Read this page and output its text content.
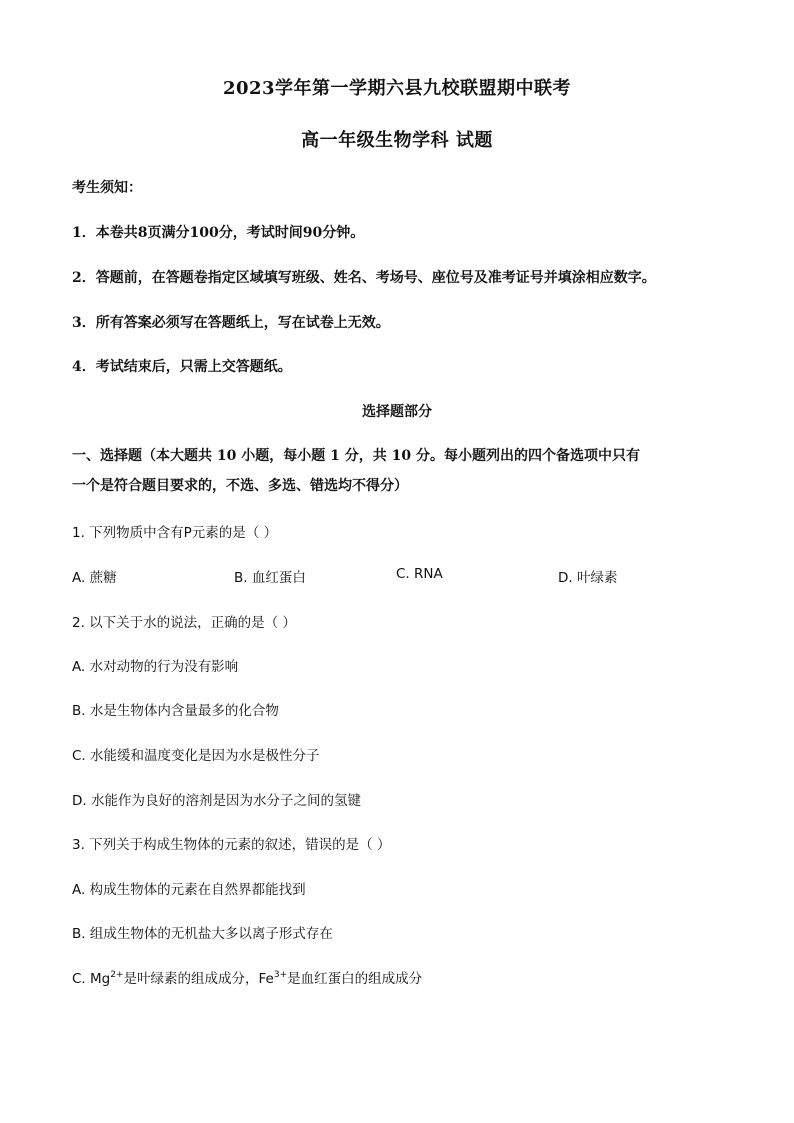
2023学年第一学期六县九校联盟期中联考
高一年级生物学科 试题
考生须知：
1．本卷共8页满分100分，考试时间90分钟。
2．答题前，在答题卷指定区域填写班级、姓名、考场号、座位号及准考证号并填涂相应数字。
3．所有答案必须写在答题纸上，写在试卷上无效。
4．考试结束后，只需上交答题纸。
选择题部分
一、选择题（本大题共 10 小题，每小题 1 分，共 10 分。每小题列出的四个备选项中只有
一个是符合题目要求的，不选、多选、错选均不得分）
1. 下列物质中含有P元素的是（ ）
A. 蔗糖	B. 血红蛋白	C. RNA	D. 叶绿素
2. 以下关于水的说法，正确的是（ ）
A. 水对动物的行为没有影响
B. 水是生物体内含量最多的化合物
C. 水能缓和温度变化是因为水是极性分子
D. 水能作为良好的溶剂是因为水分子之间的氢键
3. 下列关于构成生物体的元素的叙述，错误的是（ ）
A. 构成生物体的元素在自然界都能找到
B. 组成生物体的无机盐大多以离子形式存在
C. $Mg^{2+}$是叶绿素的组成成分，$Fe^{3+}$是血红蛋白的组成成分
